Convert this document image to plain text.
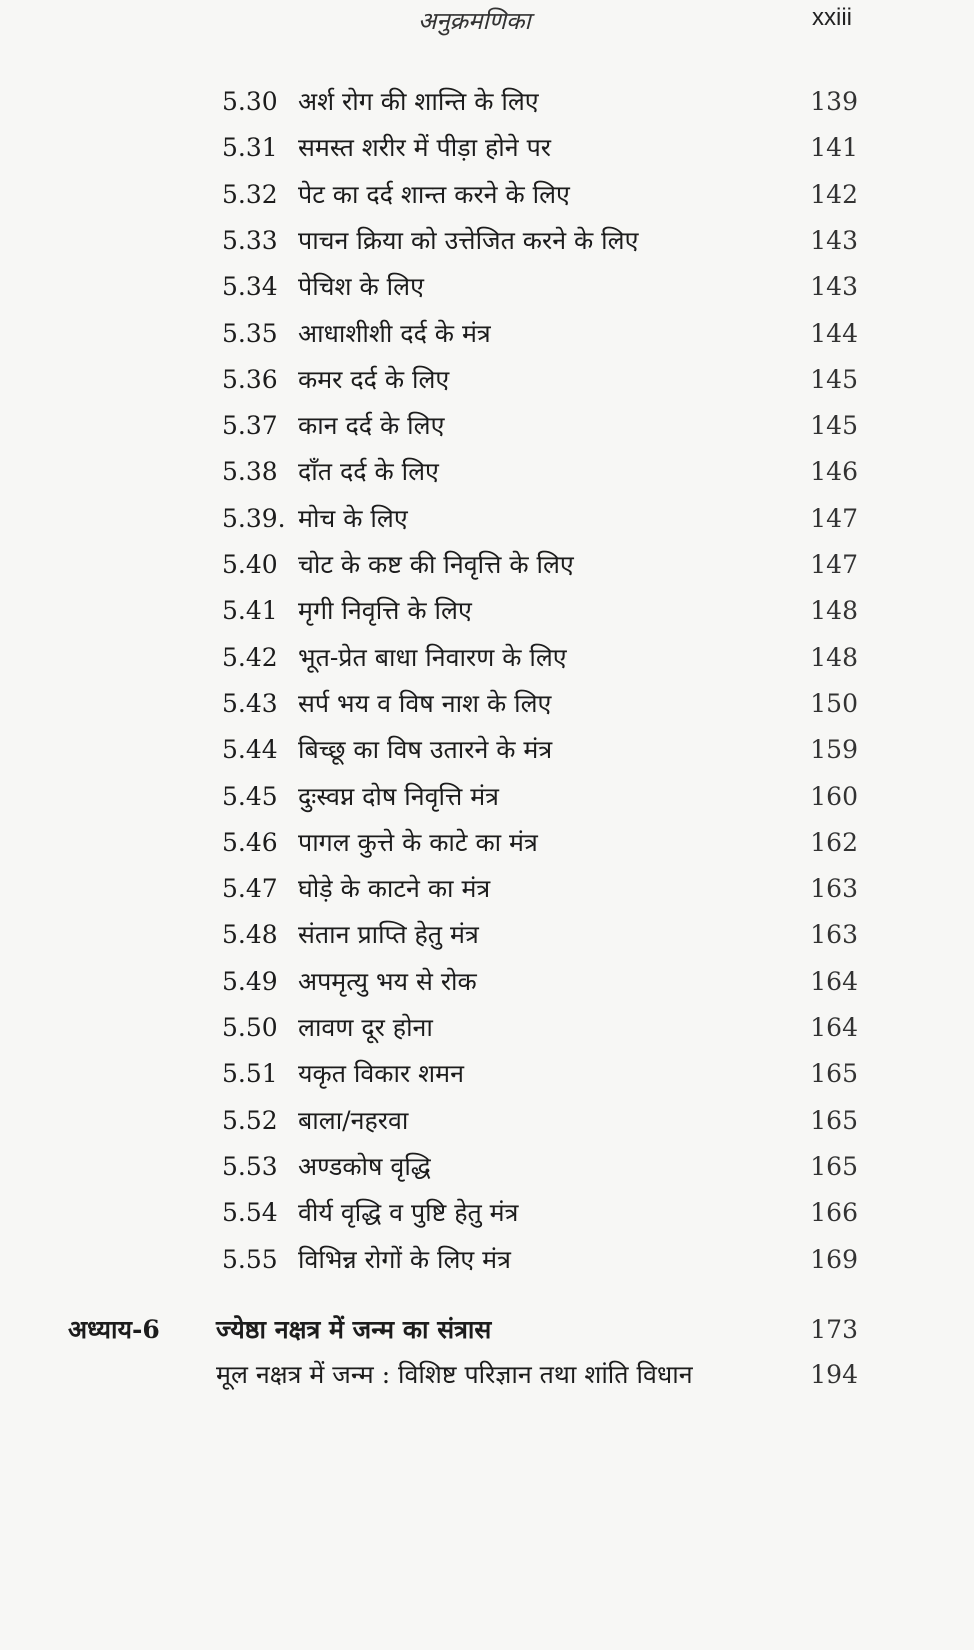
अनुक्रमणिका	xxiii
5.30 अर्श रोग की शान्ति के लिए	139
5.31 समस्त शरीर में पीड़ा होने पर	141
5.32 पेट का दर्द शान्त करने के लिए	142
5.33 पाचन क्रिया को उत्तेजित करने के लिए	143
5.34 पेचिश के लिए	143
5.35 आधाशीशी दर्द के मंत्र	144
5.36 कमर दर्द के लिए	145
5.37 कान दर्द के लिए	145
5.38 दाँत दर्द के लिए	146
5.39. मोच के लिए	147
5.40 चोट के कष्ट की निवृत्ति के लिए	147
5.41 मृगी निवृत्ति के लिए	148
5.42 भूत-प्रेत बाधा निवारण के लिए	148
5.43 सर्प भय व विष नाश के लिए	150
5.44 बिच्छू का विष उतारने के मंत्र	159
5.45 दुःस्वप्न दोष निवृत्ति मंत्र	160
5.46 पागल कुत्ते के काटे का मंत्र	162
5.47 घोड़े के काटने का मंत्र	163
5.48 संतान प्राप्ति हेतु मंत्र	163
5.49 अपमृत्यु भय से रोक	164
5.50 लावण दूर होना	164
5.51 यकृत विकार शमन	165
5.52 बाला/नहरवा	165
5.53 अण्डकोष वृद्धि	165
5.54 वीर्य वृद्धि व पुष्टि हेतु मंत्र	166
5.55 विभिन्न रोगों के लिए मंत्र	169
अध्याय-6 ज्येष्ठा नक्षत्र में जन्म का संत्रास	173
मूल नक्षत्र में जन्म : विशिष्ट परिज्ञान तथा शांति विधान	194
